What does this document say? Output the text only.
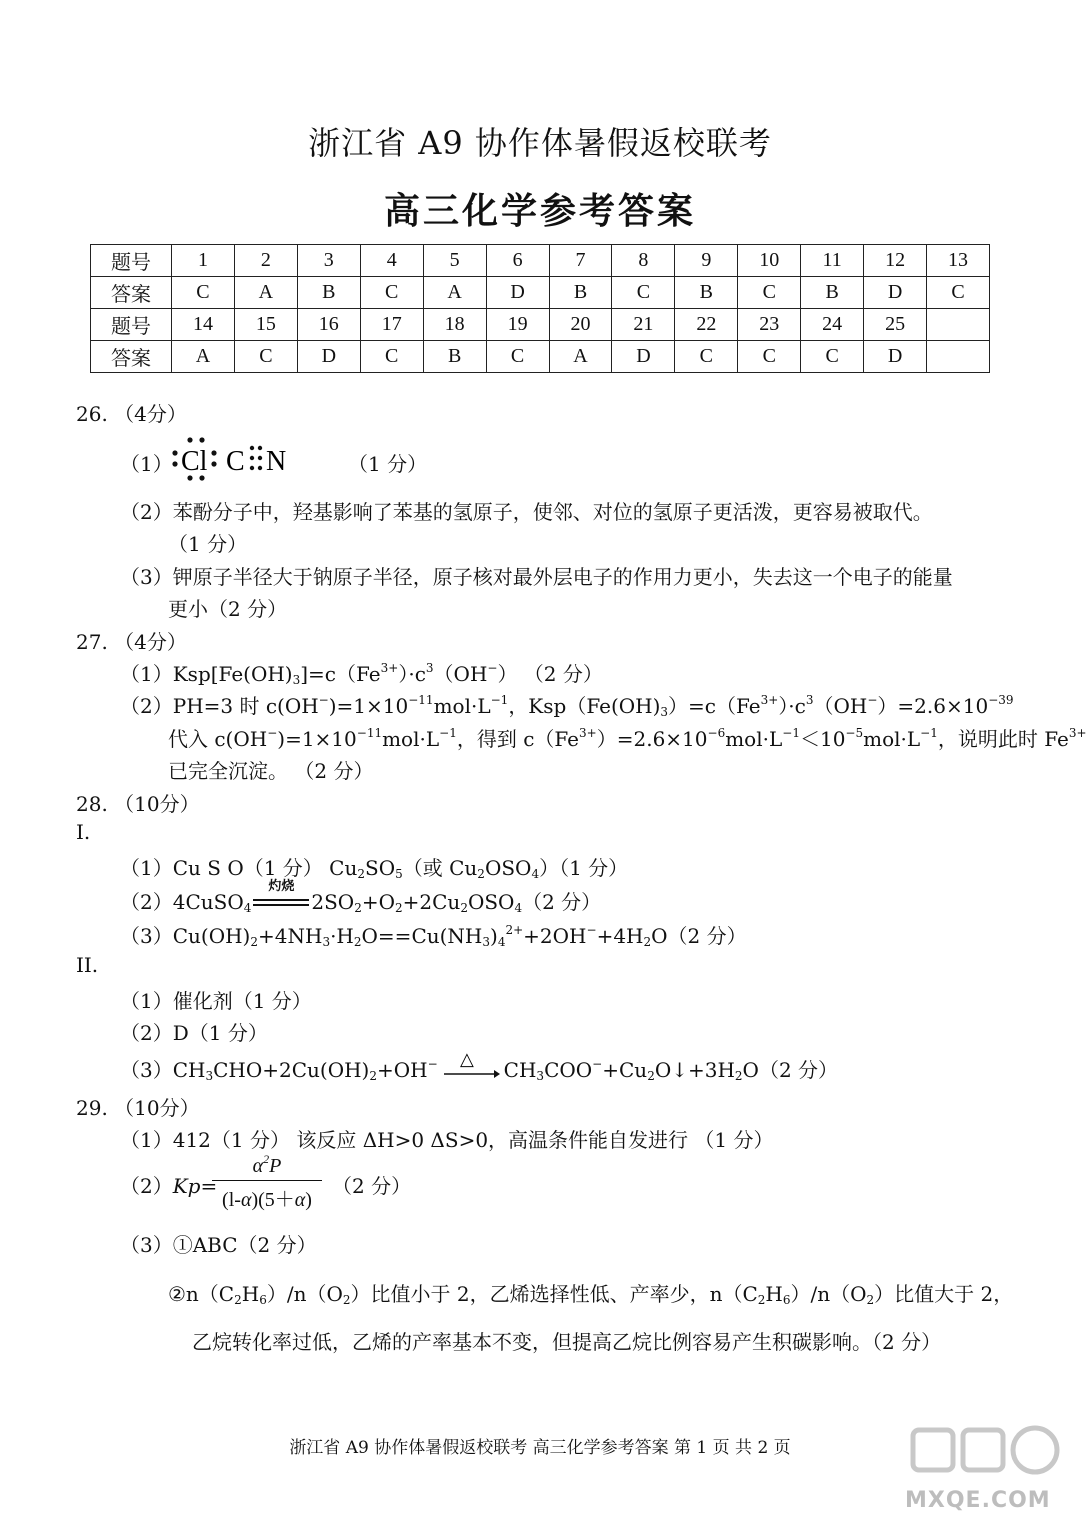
浙江省 A9 协作体暑假返校联考
高三化学参考答案
题号	1	2	3	4	5	6	7	8	9	10	11	12	13
答案	C	A	B	C	A	D	B	C	B	C	B	D	C
题号	14	15	16	17	18	19	20	21	22	23	24	25	
答案	A	C	D	C	B	C	A	D	C	C	C	D	
26. （4分）
（1） Cl C N	（1 分）
（2）苯酚分子中，羟基影响了苯基的氢原子，使邻、对位的氢原子更活泼，更容易被取代。
（1 分）
（3）钾原子半径大于钠原子半径，原子核对最外层电子的作用力更小，失去这一个电子的能量
更小（2 分）
27. （4分）
$(1)Ksp[Fe(OH)_3]=c(Fe^{3+})\cdot c^3(OH^-)$ （2 分）
（2）PH=3 时 $c(OH^-)=1\times 10^{-11}mol\cdot L^{-1}$，$Ksp(Fe(OH)_3)=c(Fe^{3+})\cdot c^3(OH^-)=2.6\times 10^{-39}$
代入 $c(OH^-)=1\times 10^{-11}mol\cdot L^{-1}$，得到 $c(Fe^{3+})=2.6\times 10^{-6}mol\cdot L^{-1}<10^{-5}mol\cdot L^{-1}$，说明此时 $Fe^{3+}$
已完全沉淀。 （2 分）
28. （10分）
I.
（1）Cu S O（1 分） $Cu_2SO_5$（或 $Cu_2OSO_4)(1$ 分）
（2）4CuSO$_4$
灼烧
$2SO_2+O_2+2Cu_2OSO_4(2$ 分）
$(3)Cu(OH)_2+4NH_3\cdot H_2O==Cu(NH_3)_4^{2+}+2OH^-+4H_2O(2$ 分）
II.
（1）催化剂（1 分）
（2）D（1 分）
$(3)CH_3CHO+2Cu(OH)_2+OH^-$ △ $CH_3COO^-+Cu_2O↓+3H_2O(2$ 分）
29. （10分）
（1）412（1 分） 该反应 ΔH>0 ΔS>0，高温条件能自发进行 （1 分）
（2）Kp=
$\alpha^2P$
(l-α)(5＋α)
（2 分）
（3）①ABC（2 分）
$②n(C_2H_6)/n(O_2)$比值小于 2，乙烯选择性低、产率少，$n(C_2H_6)/n(O_2)$比值大于 2，
乙烷转化率过低，乙烯的产率基本不变，但提高乙烷比例容易产生积碳影响。（2 分）
浙江省 A9 协作体暑假返校联考 高三化学参考答案 第 1 页 共 2 页
MXQE.COM
